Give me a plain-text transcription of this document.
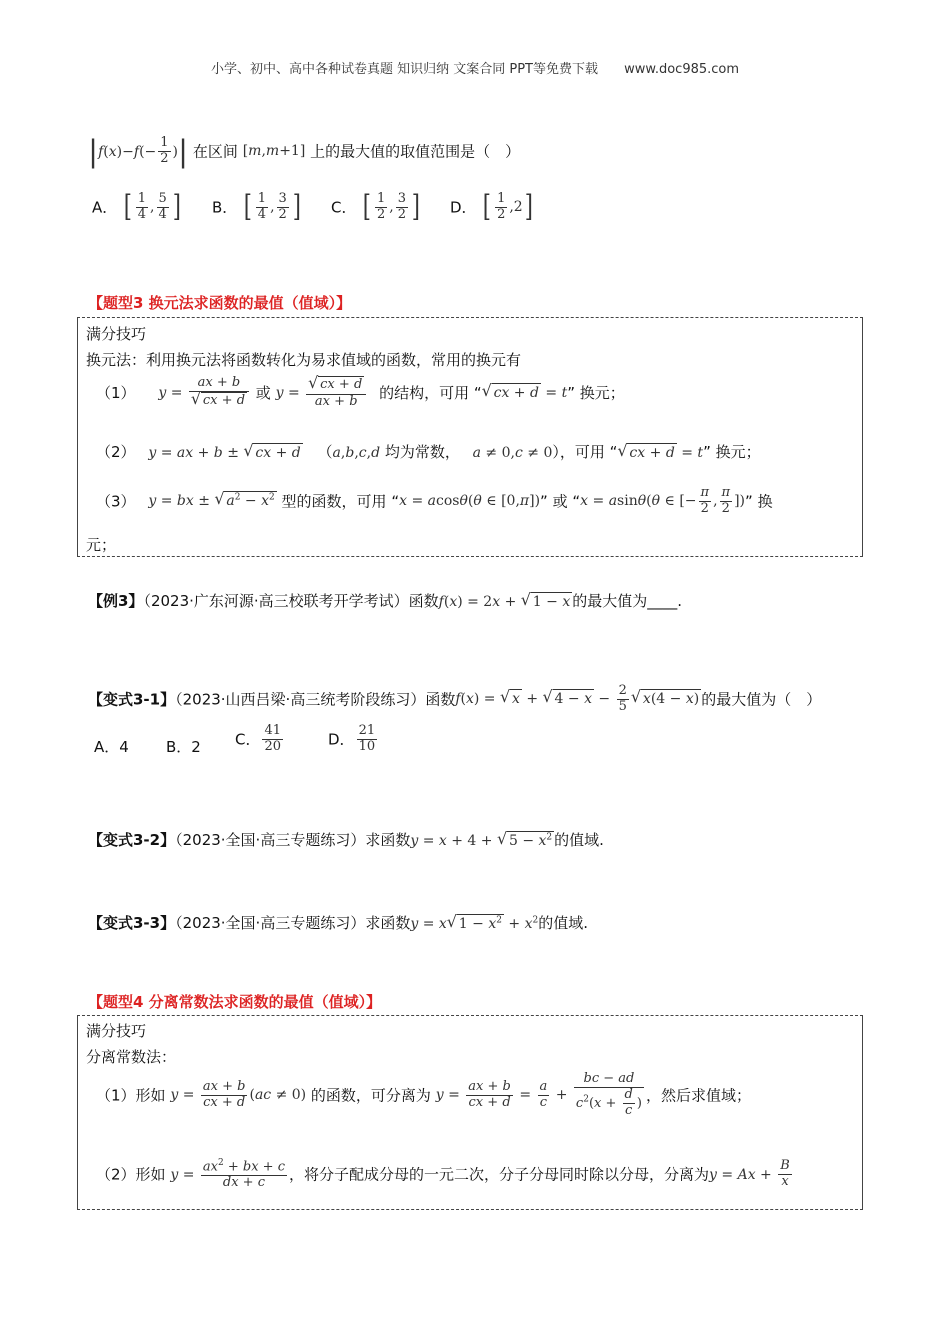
小学、初中、高中各种试卷真题 知识归纳 文案合同 PPT等免费下载 www.doc985.com
$|f(x)-f(- \frac{1}{2}$ )| 在区间 [m,m+1] 上的最大值的取值范围是（　）
A． [ $\frac{1}{4}$ , $\frac{5}{4}$ ] B． [ $\frac{1}{4}$ , $\frac{3}{2}$ ] C． [ $\frac{1}{2}$ , $\frac{3}{2}$ ] D． [ $\frac{1}{2} ,2$]
【题型3 换元法求函数的最值（值域）】
满分技巧
换元法：利用换元法将函数转化为易求值域的函数，常用的换元有
（1） y = ax + b
√ cx + d 或 y = √ $\frac{cx + d}{ax + b}$ 的结构，可用 “ √ cx + d = t” 换元；
（2） y = ax + b ± √ cx + d （a,b,c,d 均为常数， a ≠ 0,c ≠ 0），可用 “ √ cx + d = t” 换元；
（3） y = bx ± √ $a^2 - x^2$ 型的函数，可用 “x = acosθ(θ ∈ [0,π])” 或 “x = asinθ(θ ∈ [− $\frac{\pi}{2}$ , $\frac{\pi}{2}$ ])” 换
元；
【例3】（2023·广东河源·高三校联考开学考试）函数f(x) = 2x + √ 1 − x 的最大值为____.
【变式3-1】（2023·山西吕梁·高三统考阶段练习）函数f(x) = √ x + √ $4 - x - \frac{2}{5}$ √ x(4 − x) 的最大值为（　）
A．4 B．2 C． $\frac{41}{20}$	D． $\frac{21}{10}$
【变式3-2】（2023·全国·高三专题练习）求函数y = x + 4 + √ $5 - x^2$ 的值域.
【变式3-3】（2023·全国·高三专题练习）求函数y = x √ $1 - x^2 + x^2$的值域.
【题型4 分离常数法求函数的最值（值域）】
满分技巧
分离常数法：
（1）形如 $y = \frac{ax + b}{cx + d} (ac \ne 0)$ 的函数，可分离为 $y = \frac{ax + b}{cx + d} = \frac{a}{c} + \frac{bc - ad}{c^2(x + \frac{d}{c} )}$ ，然后求值域；
（2）形如 $y = \frac{ax^2 + bx + c}{dx + c}$ ，将分子配成分母的一元二次，分子分母同时除以分母，分离为$y = Ax + \frac{B}{x}$
